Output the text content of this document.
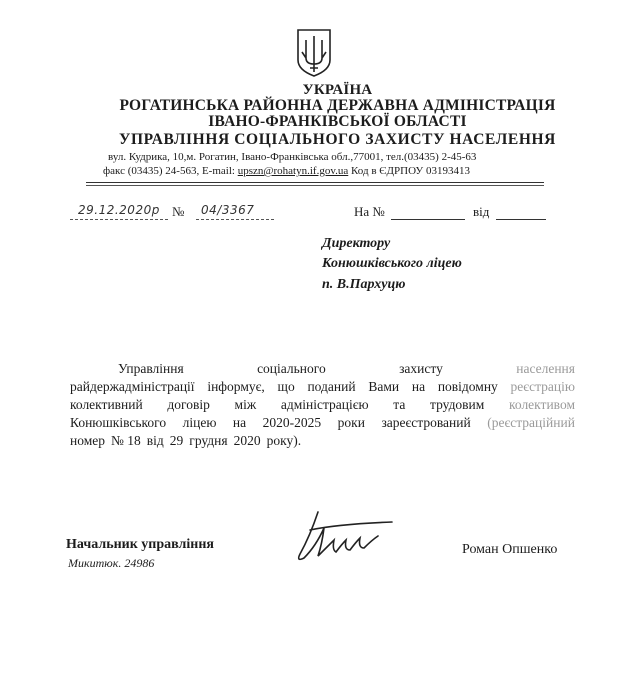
УКРАЇНА
РОГАТИНСЬКА РАЙОННА ДЕРЖАВНА АДМІНІСТРАЦІЯ
ІВАНО-ФРАНКІВСЬКОЇ ОБЛАСТІ
УПРАВЛІННЯ СОЦІАЛЬНОГО ЗАХИСТУ НАСЕЛЕННЯ
вул. Кудрика, 10,м. Рогатин, Івано-Франківська обл.,77001, тел.(03435) 2-45-63
факс (03435) 24-563, E-mail: upszn@rohatyn.if.gov.ua Код в ЄДРПОУ 03193413
29.12.2020р № 04/3367	На №	від
Директору
Конюшківського ліцею
п. В.Пархуцю
Управління	соціального	захисту	населення
райдержадміністрації інформує, що поданий Вами на повідомну реєстрацію
колективний договір між адміністрацією та трудовим колективом
Конюшківського ліцею на 2020-2025 роки зареєстрований (реєстраційний
номер № 18 від 29 грудня 2020 року).
Начальник управління
Микитюк. 24986
Роман Опшенко
